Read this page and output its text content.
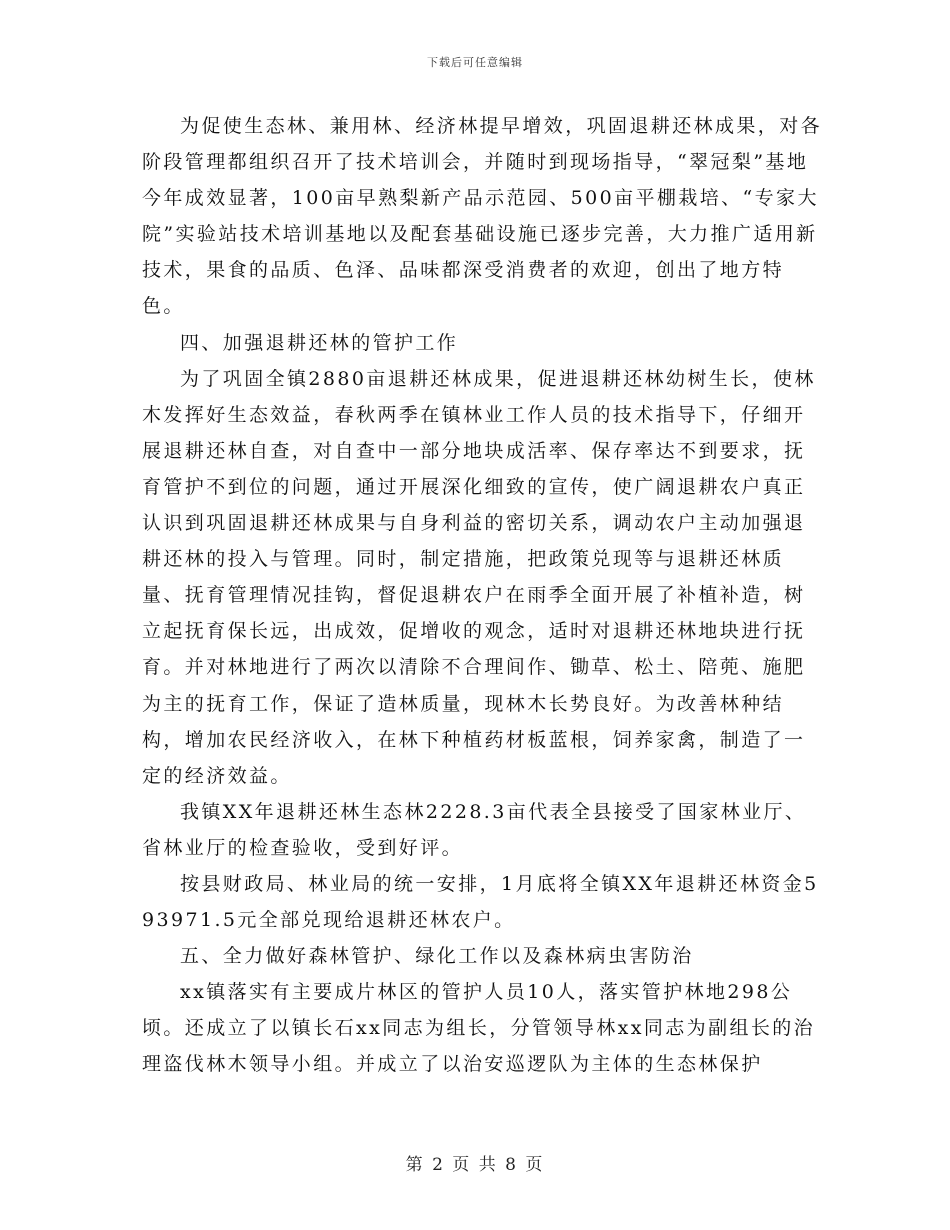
下载后可任意编辑

为促使生态林、兼用林、经济林提早增效，巩固退耕还林成果，对各阶段管理都组织召开了技术培训会，并随时到现场指导，“翠冠梨”基地今年成效显著，100亩早熟梨新产品示范园、500亩平棚栽培、“专家大院”实验站技术培训基地以及配套基础设施已逐步完善，大力推广适用新技术，果食的品质、色泽、品味都深受消费者的欢迎，创出了地方特色。

四、加强退耕还林的管护工作

为了巩固全镇2880亩退耕还林成果，促进退耕还林幼树生长，使林木发挥好生态效益，春秋两季在镇林业工作人员的技术指导下，仔细开展退耕还林自查，对自查中一部分地块成活率、保存率达不到要求，抚育管护不到位的问题，通过开展深化细致的宣传，使广阔退耕农户真正认识到巩固退耕还林成果与自身利益的密切关系，调动农户主动加强退耕还林的投入与管理。同时，制定措施，把政策兑现等与退耕还林质量、抚育管理情况挂钩，督促退耕农户在雨季全面开展了补植补造，树立起抚育保长远，出成效，促增收的观念，适时对退耕还林地块进行抚育。并对林地进行了两次以清除不合理间作、锄草、松土、陪蔸、施肥为主的抚育工作，保证了造林质量，现林木长势良好。为改善林种结构，增加农民经济收入，在林下种植药材板蓝根，饲养家禽，制造了一定的经济效益。

我镇XX年退耕还林生态林2228.3亩代表全县接受了国家林业厅、省林业厅的检查验收，受到好评。

按县财政局、林业局的统一安排，1月底将全镇XX年退耕还林资金593971.5元全部兑现给退耕还林农户。

五、全力做好森林管护、绿化工作以及森林病虫害防治

xx镇落实有主要成片林区的管护人员10人，落实管护林地298公顷。还成立了以镇长石xx同志为组长，分管领导林xx同志为副组长的治理盗伐林木领导小组。并成立了以治安巡逻队为主体的生态林保护

第 2 页 共 8 页
